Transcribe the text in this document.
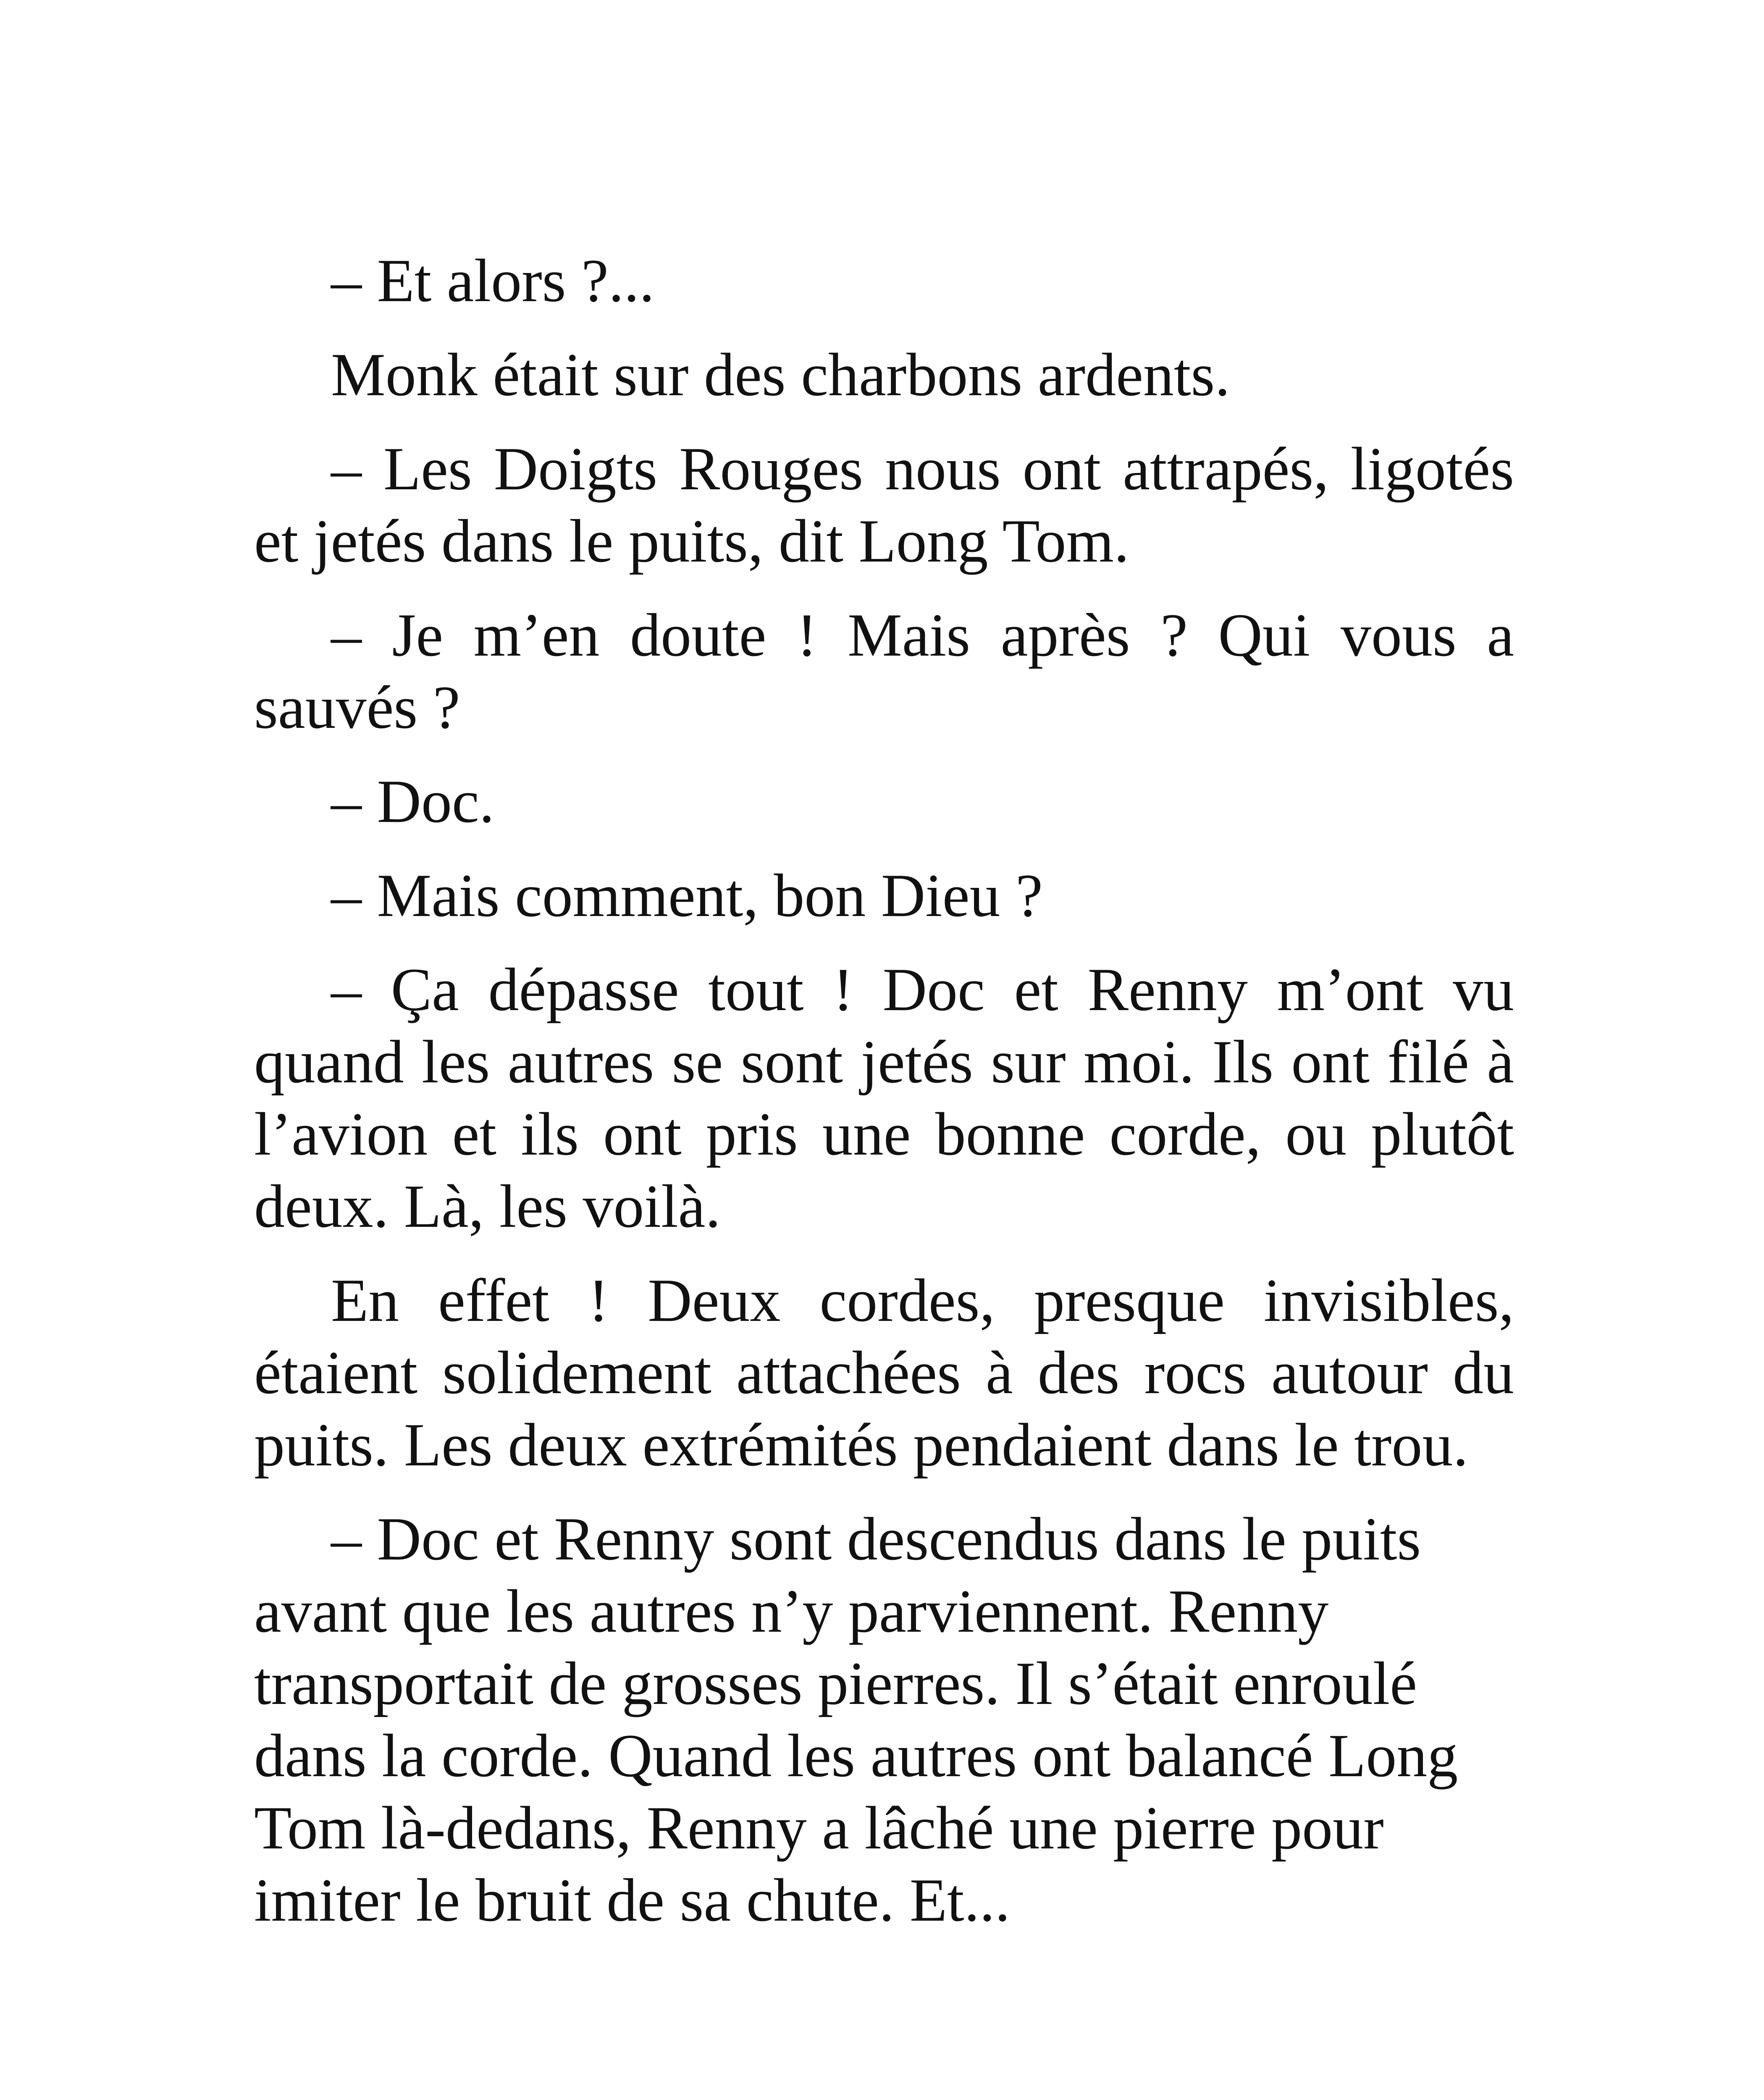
– Et alors ?...

Monk était sur des charbons ardents.

– Les Doigts Rouges nous ont attrapés, ligotés et jetés dans le puits, dit Long Tom.

– Je m’en doute ! Mais après ? Qui vous a sauvés ?

– Doc.

– Mais comment, bon Dieu ?

– Ça dépasse tout ! Doc et Renny m’ont vu quand les autres se sont jetés sur moi. Ils ont filé à l’avion et ils ont pris une bonne corde, ou plutôt deux. Là, les voilà.

En effet ! Deux cordes, presque invisibles, étaient solidement attachées à des rocs autour du puits. Les deux extrémités pendaient dans le trou.

– Doc et Renny sont descendus dans le puits avant que les autres n’y parviennent. Renny transportait de grosses pierres. Il s’était enroulé dans la corde. Quand les autres ont balancé Long Tom là-dedans, Renny a lâché une pierre pour imiter le bruit de sa chute. Et...
